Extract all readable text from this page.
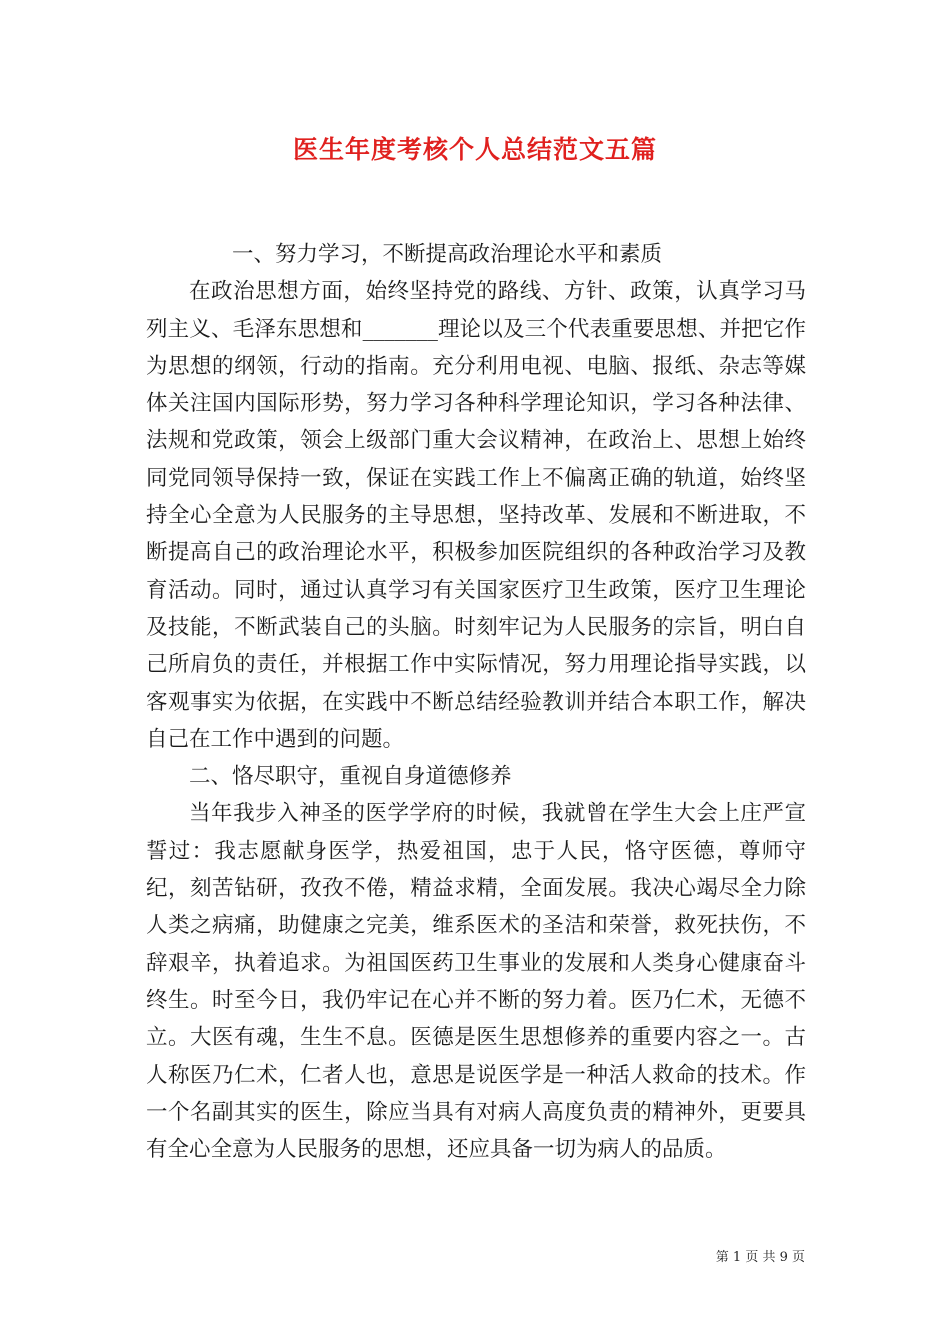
医生年度考核个人总结范文五篇

一、努力学习，不断提高政治理论水平和素质

在政治思想方面，始终坚持党的路线、方针、政策，认真学习马列主义、毛泽东思想和_______理论以及三个代表重要思想、并把它作为思想的纲领，行动的指南。充分利用电视、电脑、报纸、杂志等媒体关注国内国际形势，努力学习各种科学理论知识，学习各种法律、法规和党政策，领会上级部门重大会议精神，在政治上、思想上始终同党同领导保持一致，保证在实践工作上不偏离正确的轨道，始终坚持全心全意为人民服务的主导思想，坚持改革、发展和不断进取，不断提高自己的政治理论水平，积极参加医院组织的各种政治学习及教育活动。同时，通过认真学习有关国家医疗卫生政策，医疗卫生理论及技能，不断武装自己的头脑。时刻牢记为人民服务的宗旨，明白自己所肩负的责任，并根据工作中实际情况，努力用理论指导实践，以客观事实为依据，在实践中不断总结经验教训并结合本职工作，解决自己在工作中遇到的问题。

二、恪尽职守，重视自身道德修养

当年我步入神圣的医学学府的时候，我就曾在学生大会上庄严宣誓过：我志愿献身医学，热爱祖国，忠于人民，恪守医德，尊师守纪，刻苦钻研，孜孜不倦，精益求精，全面发展。我决心竭尽全力除人类之病痛，助健康之完美，维系医术的圣洁和荣誉，救死扶伤，不辞艰辛，执着追求。为祖国医药卫生事业的发展和人类身心健康奋斗终生。时至今日，我仍牢记在心并不断的努力着。医乃仁术，无德不立。大医有魂，生生不息。医德是医生思想修养的重要内容之一。古人称医乃仁术，仁者人也，意思是说医学是一种活人救命的技术。作一个名副其实的医生，除应当具有对病人高度负责的精神外，更要具有全心全意为人民服务的思想，还应具备一切为病人的品质。

第 1 页 共 9 页
